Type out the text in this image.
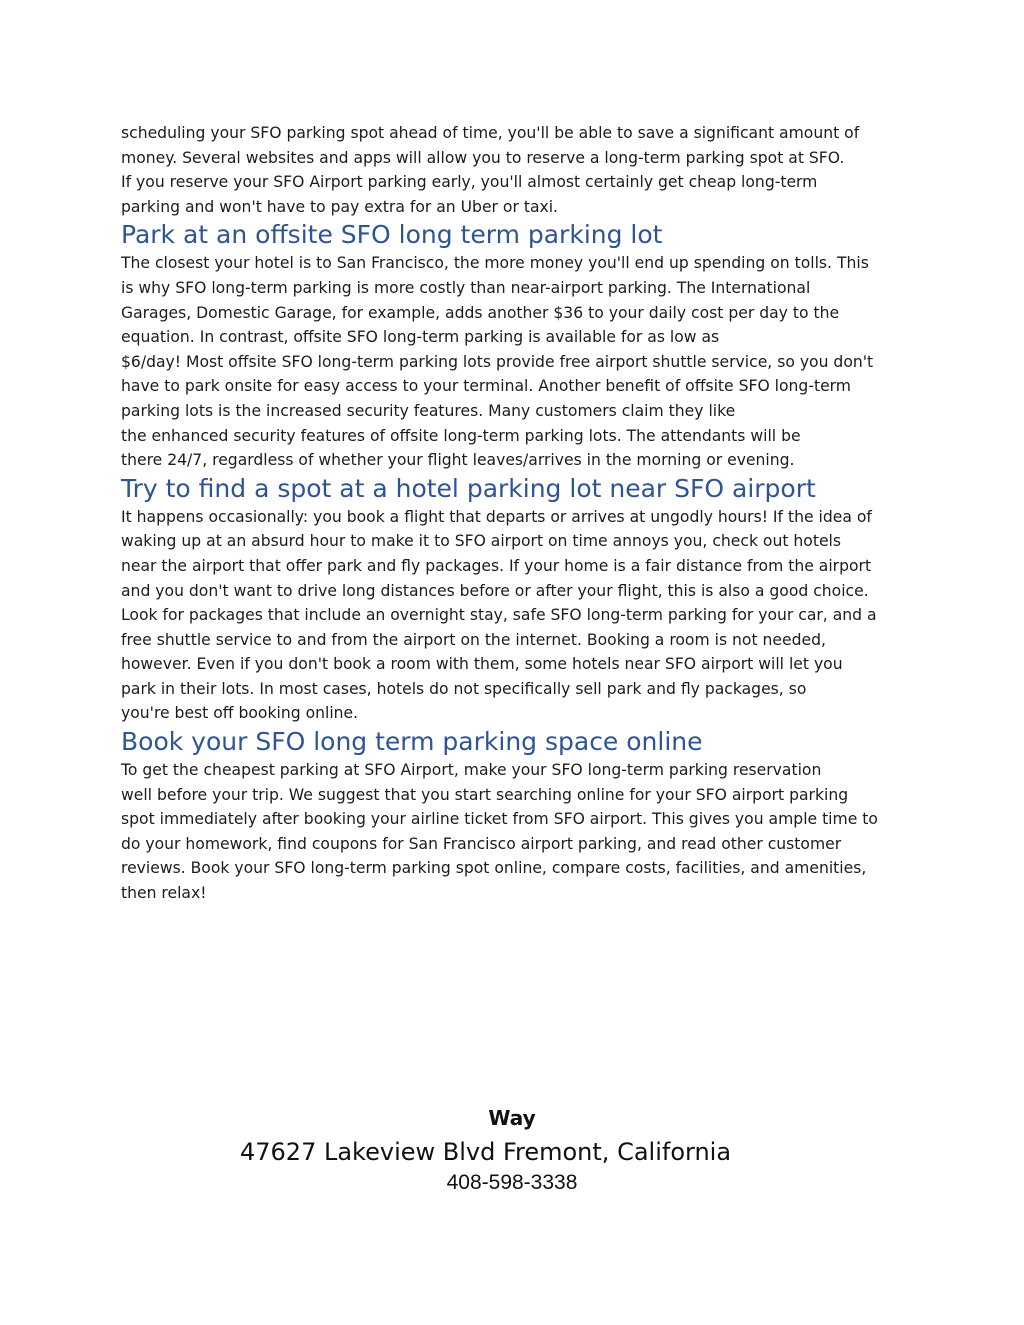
scheduling your SFO parking spot ahead of time, you'll be able to save a significant amount of
money. Several websites and apps will allow you to reserve a long-term parking spot at SFO.
If you reserve your SFO Airport parking early, you'll almost certainly get cheap long-term
parking and won't have to pay extra for an Uber or taxi.

Park at an offsite SFO long term parking lot

The closest your hotel is to San Francisco, the more money you'll end up spending on tolls. This
is why SFO long-term parking is more costly than near-airport parking. The International
Garages, Domestic Garage, for example, adds another $36 to your daily cost per day to the
equation. In contrast, offsite SFO long-term parking is available for as low as
$6/day! Most offsite SFO long-term parking lots provide free airport shuttle service, so you don't
have to park onsite for easy access to your terminal. Another benefit of offsite SFO long-term
parking lots is the increased security features. Many customers claim they like
the enhanced security features of offsite long-term parking lots. The attendants will be
there 24/7, regardless of whether your flight leaves/arrives in the morning or evening.

Try to find a spot at a hotel parking lot near SFO airport

It happens occasionally: you book a flight that departs or arrives at ungodly hours! If the idea of
waking up at an absurd hour to make it to SFO airport on time annoys you, check out hotels
near the airport that offer park and fly packages. If your home is a fair distance from the airport
and you don't want to drive long distances before or after your flight, this is also a good choice.
Look for packages that include an overnight stay, safe SFO long-term parking for your car, and a
free shuttle service to and from the airport on the internet. Booking a room is not needed,
however. Even if you don't book a room with them, some hotels near SFO airport will let you
park in their lots. In most cases, hotels do not specifically sell park and fly packages, so
you're best off booking online.

Book your SFO long term parking space online

To get the cheapest parking at SFO Airport, make your SFO long-term parking reservation
well before your trip. We suggest that you start searching online for your SFO airport parking
spot immediately after booking your airline ticket from SFO airport. This gives you ample time to
do your homework, find coupons for San Francisco airport parking, and read other customer
reviews. Book your SFO long-term parking spot online, compare costs, facilities, and amenities,
then relax!

Way
47627 Lakeview Blvd Fremont, California
408-598-3338
